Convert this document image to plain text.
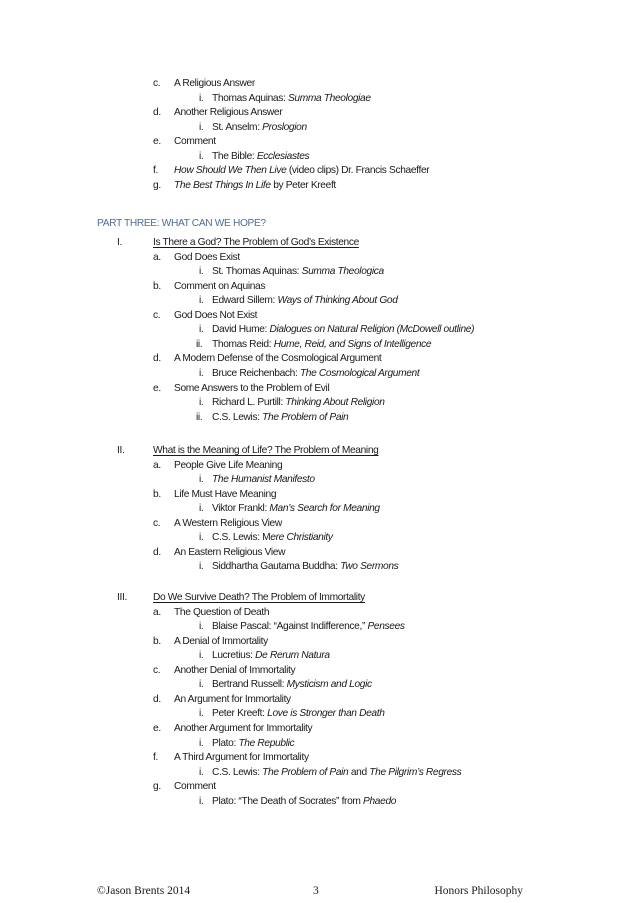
c. A Religious Answer
i. Thomas Aquinas: Summa Theologiae
d. Another Religious Answer
i. St. Anselm: Proslogion
e. Comment
i. The Bible: Ecclesiastes
f. How Should We Then Live (video clips) Dr. Francis Schaeffer
g. The Best Things In Life by Peter Kreeft
PART THREE: WHAT CAN WE HOPE?
I.	Is There a God? The Problem of God’s Existence
a. God Does Exist
i. St. Thomas Aquinas: Summa Theologica
b. Comment on Aquinas
i. Edward Sillem: Ways of Thinking About God
c. God Does Not Exist
i. David Hume: Dialogues on Natural Religion (McDowell outline)
ii. Thomas Reid: Hume, Reid, and Signs of Intelligence
d. A Modern Defense of the Cosmological Argument
i. Bruce Reichenbach: The Cosmological Argument
e. Some Answers to the Problem of Evil
i. Richard L. Purtill: Thinking About Religion
ii. C.S. Lewis: The Problem of Pain
II.	What is the Meaning of Life? The Problem of Meaning
a. People Give Life Meaning
i. The Humanist Manifesto
b. Life Must Have Meaning
i. Viktor Frankl: Man’s Search for Meaning
c. A Western Religious View
i. C.S. Lewis: Mere Christianity
d. An Eastern Religious View
i. Siddhartha Gautama Buddha: Two Sermons
III.	Do We Survive Death? The Problem of Immortality
a. The Question of Death
i. Blaise Pascal: “Against Indifference,” Pensees
b. A Denial of Immortality
i. Lucretius: De Rerum Natura
c. Another Denial of Immortality
i. Bertrand Russell: Mysticism and Logic
d. An Argument for Immortality
i. Peter Kreeft: Love is Stronger than Death
e. Another Argument for Immortality
i. Plato: The Republic
f. A Third Argument for Immortality
i. C.S. Lewis: The Problem of Pain and The Pilgrim’s Regress
g. Comment
i. Plato: “The Death of Socrates” from Phaedo
©Jason Brents 2014	3	Honors Philosophy
